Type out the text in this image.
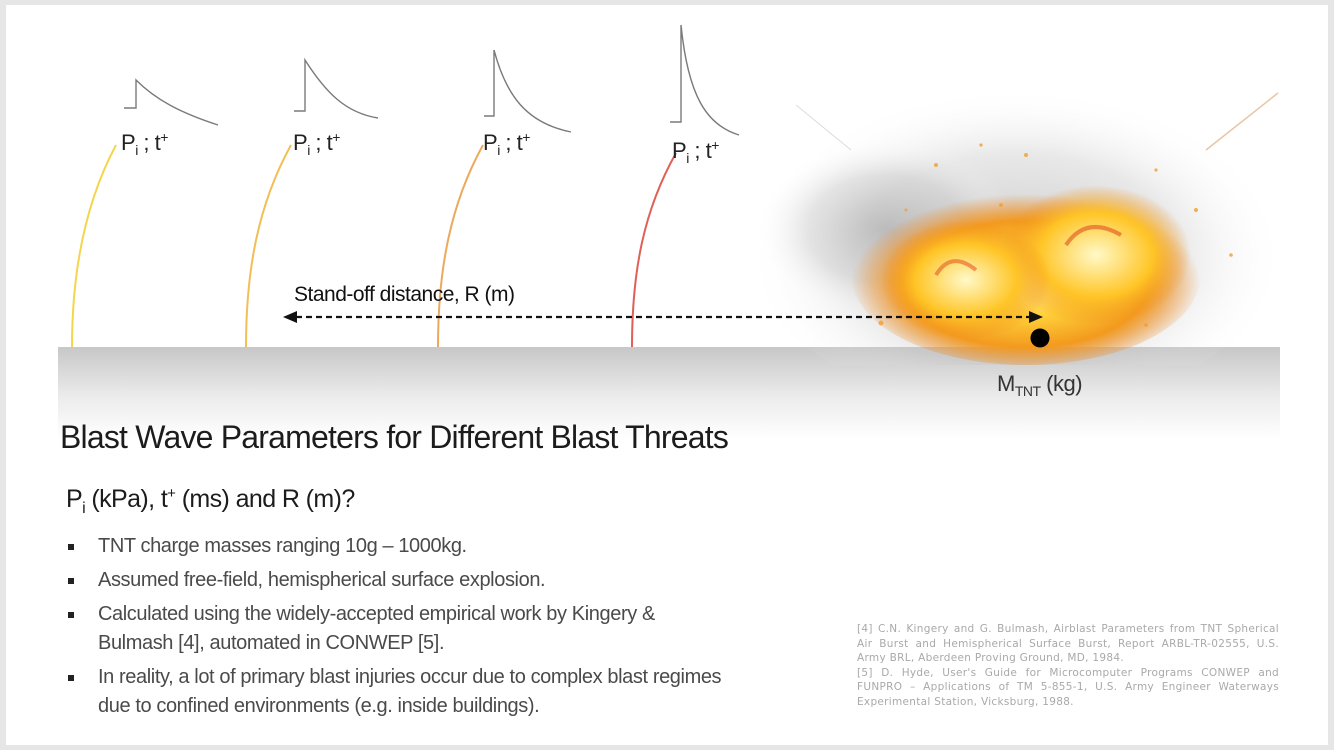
$P_i$ ; t+	$P_i$ ; t+	$P_i$ ; t+
$P_i$ ; t+
Stand-off distance, R (m)
$M_{TNT}$ (kg)
Blast Wave Parameters for Different Blast Threats
$P_i$ (kPa), t+ (ms) and R (m)?
TNT charge masses ranging 10g – 1000kg.
Assumed free-field, hemispherical surface explosion.
Calculated using the widely-accepted empirical work by Kingery & Bulmash [4], automated in CONWEP [5].
In reality, a lot of primary blast injuries occur due to complex blast regimes due to confined environments (e.g. inside buildings).
[4] C.N. Kingery and G. Bulmash, Airblast Parameters from TNT Spherical Air Burst and Hemispherical Surface Burst, Report ARBL-TR-02555, U.S. Army BRL, Aberdeen Proving Ground, MD, 1984.
[5] D. Hyde, User's Guide for Microcomputer Programs CONWEP and FUNPRO – Applications of TM 5-855-1, U.S. Army Engineer Waterways Experimental Station, Vicksburg, 1988.
